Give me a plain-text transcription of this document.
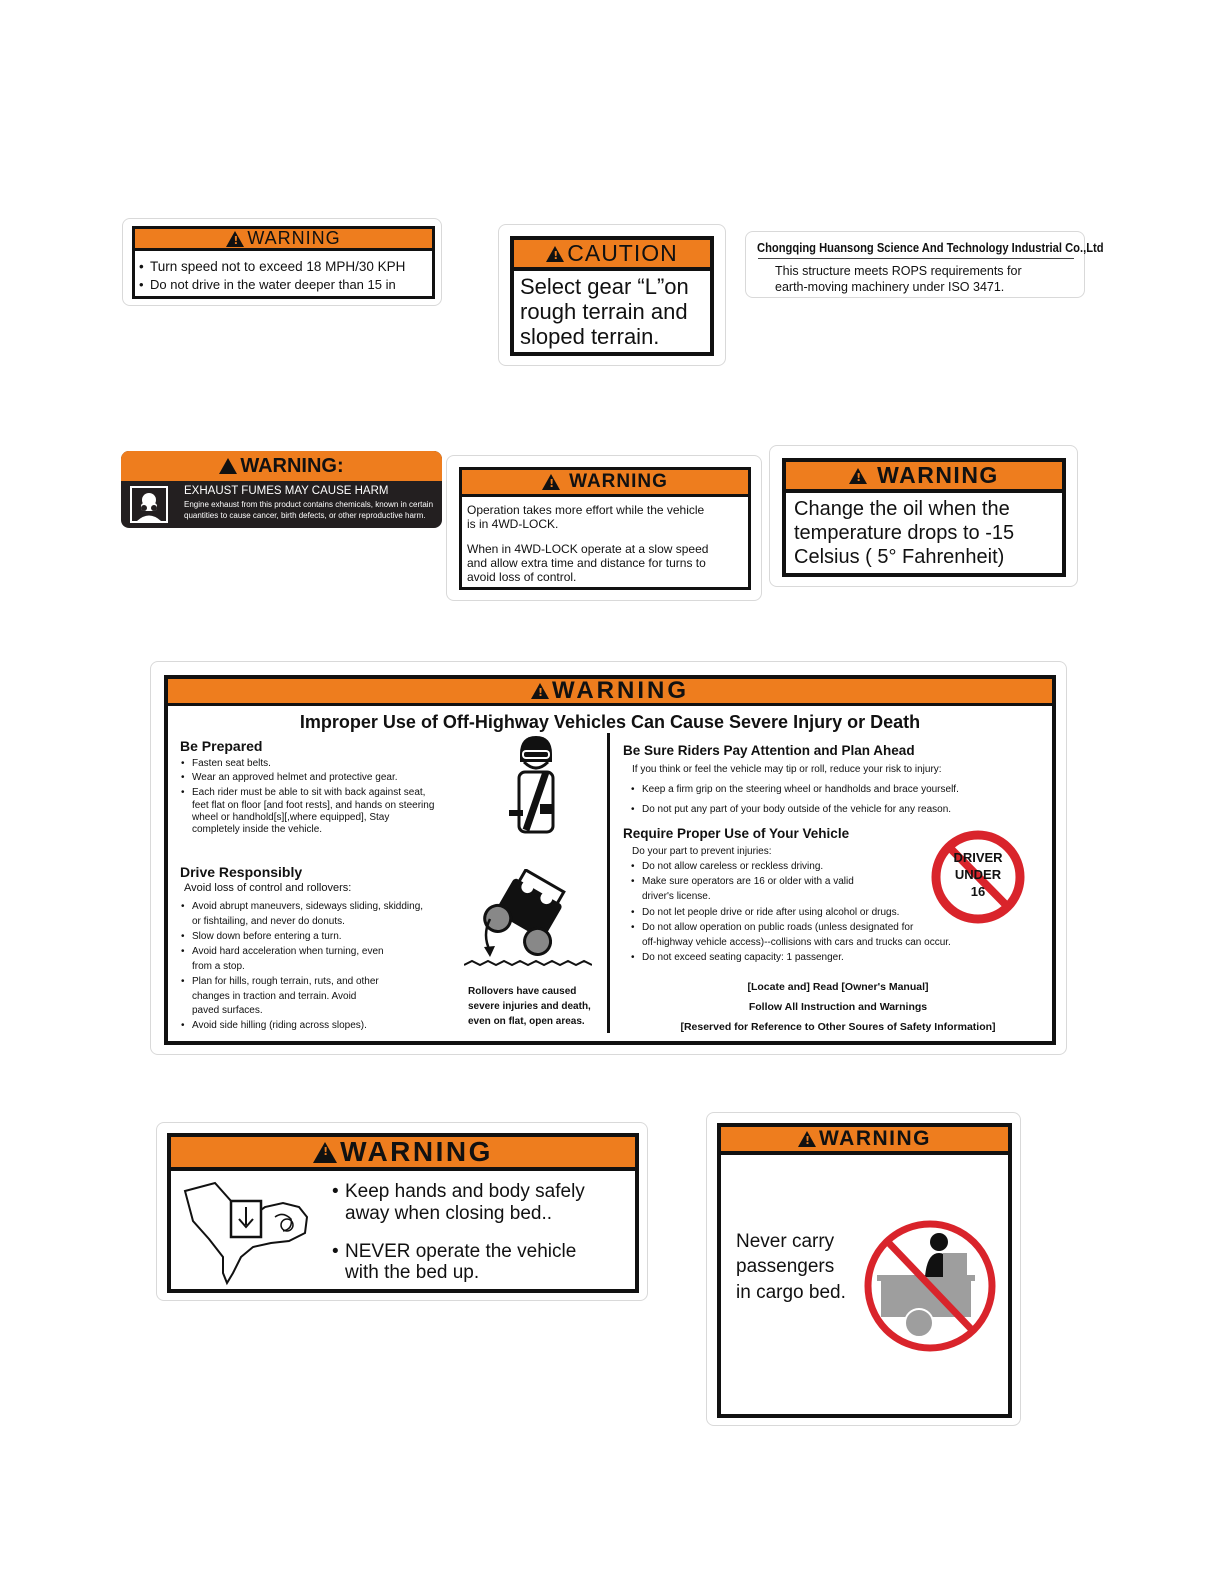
!
WARNING
• Turn speed not to exceed 18 MPH/30 KPH
• Do not drive in the water deeper than 15 in
!
CAUTION
Select gear “L”on
rough terrain and
sloped terrain.
Chongqing Huansong Science And Technology Industrial Co.,Ltd
This structure meets ROPS requirements for
earth-moving machinery under ISO 3471.
WARNING:
EXHAUST FUMES MAY CAUSE HARM
Engine exhaust from this product contains chemicals, known in certain
quantities to cause cancer, birth defects, or other reproductive harm.
!
WARNING
Operation takes more effort while the vehicle
is in 4WD-LOCK.
When in 4WD-LOCK operate at a slow speed
and allow extra time and distance for turns to
avoid loss of control.
!
WARNING
Change the oil when the
temperature drops to -15
Celsius ( 5° Fahrenheit)
!
WARNING
Improper Use of Off-Highway Vehicles Can Cause Severe Injury or Death
Be Prepared
• Fasten seat belts.
• Wear an approved helmet and protective gear.
• Each rider must be able to sit with back against seat,
feet flat on floor [and foot rests], and hands on steering
wheel or handhold[s][,where equipped], Stay
completely inside the vehicle.
Drive Responsibly
Avoid loss of control and rollovers:
• Avoid abrupt maneuvers, sideways sliding, skidding,
or fishtailing, and never do donuts.
• Slow down before entering a turn.
• Avoid hard acceleration when turning, even
from a stop.
• Plan for hills, rough terrain, ruts, and other
changes in traction and terrain. Avoid
paved surfaces.
• Avoid side hilling (riding across slopes).
Rollovers have caused
severe injuries and death,
even on flat, open areas.
Be Sure Riders Pay Attention and Plan Ahead
If you think or feel the vehicle may tip or roll, reduce your risk to injury:
• Keep a firm grip on the steering wheel or handholds and brace yourself.
• Do not put any part of your body outside of the vehicle for any reason.
Require Proper Use of Your Vehicle
Do your part to prevent injuries:
• Do not allow careless or reckless driving.
• Make sure operators are 16 or older with a valid
driver's license.
• Do not let people drive or ride after using alcohol or drugs.
• Do not allow operation on public roads (unless designated for
off-highway vehicle access)--collisions with cars and trucks can occur.
• Do not exceed seating capacity: 1 passenger.
DRIVER
UNDER
16
[Locate and] Read [Owner's Manual]
Follow All Instruction and Warnings
[Reserved for Reference to Other Soures of Safety Information]
!
WARNING
• Keep hands and body safely
away when closing bed..
• NEVER operate the vehicle
with the bed up.
!
WARNING
Never carry
passengers
in cargo bed.
